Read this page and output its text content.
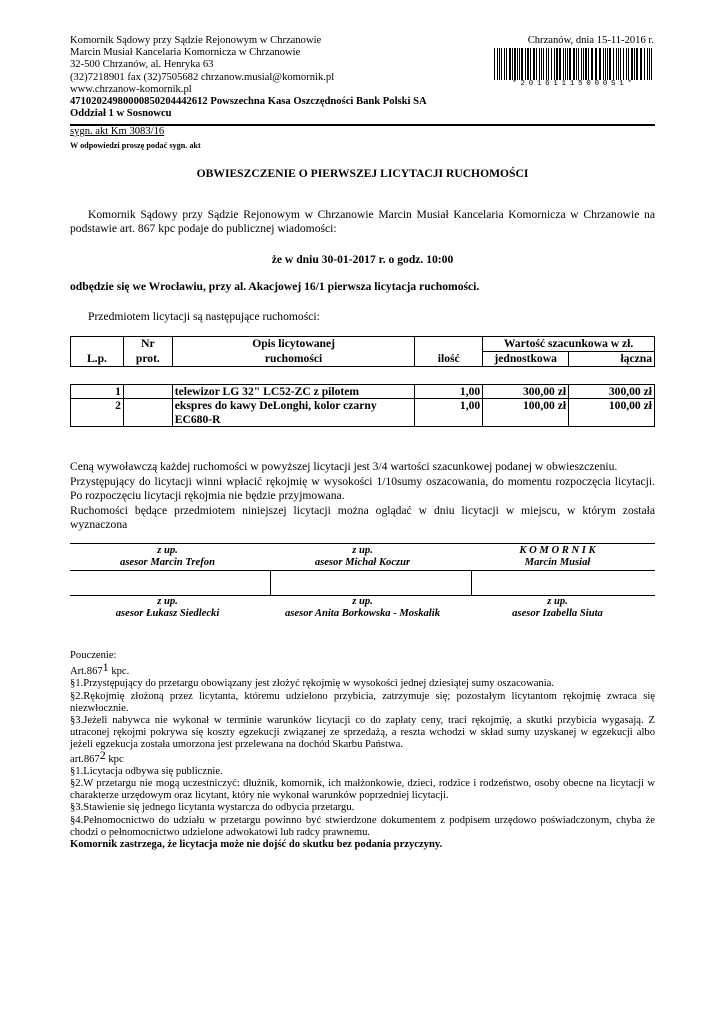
Komornik Sądowy przy Sądzie Rejonowym w Chrzanowie
Marcin Musiał Kancelaria Komornicza w Chrzanowie
32-500 Chrzanów, al. Henryka 63
(32)7218901 fax (32)7505682 chrzanow.musial@komornik.pl
www.chrzanow-komornik.pl
47102024980000850204442612 Powszechna Kasa Oszczędności Bank Polski SA
Oddział 1 w Sosnowcu
Chrzanów, dnia 15-11-2016 r.
*20161115000S1*
sygn. akt Km 3083/16
W odpowiedzi proszę podać sygn. akt
OBWIESZCZENIE O PIERWSZEJ LICYTACJI RUCHOMOŚCI
Komornik Sądowy przy Sądzie Rejonowym w Chrzanowie Marcin Musiał Kancelaria Komornicza w Chrzanowie na podstawie art. 867 kpc podaje do publicznej wiadomości:
że w dniu 30-01-2017 r. o godz. 10:00
odbędzie się we Wrocławiu, przy al. Akacjowej 16/1 pierwsza licytacja ruchomości.
Przedmiotem licytacji są następujące ruchomości:
	Nr	Opis licytowanej		Wartość szacunkowa w zł.	
L.p.	prot.	ruchomości	ilość	jednostkowa	łączna
1		telewizor LG 32" LC52-ZC z pilotem	1,00	300,00 zł	300,00 zł
2		ekspres do kawy DeLonghi, kolor czarny EC680-R	1,00	100,00 zł	100,00 zł
Ceną wywoławczą każdej ruchomości w powyższej licytacji jest 3/4 wartości szacunkowej podanej w obwieszczeniu.
Przystępujący do licytacji winni wpłacić rękojmię w wysokości 1/10sumy oszacowania, do momentu rozpoczęcia licytacji. Po rozpoczęciu licytacji rękojmia nie będzie przyjmowana.
Ruchomości będące przedmiotem niniejszej licytacji można oglądać w dniu licytacji w miejscu, w którym została wyznaczona
z up.
asesor Marcin Trefon
z up.
asesor Michał Koczur
K O M O R N I K
Marcin Musiał
z up.
asesor Łukasz Siedlecki
z up.
asesor Anita Borkowska - Moskalik
z up.
asesor Izabella Siuta
Pouczenie:
Art.867$^1$ kpc.
§1.Przystępujący do przetargu obowiązany jest złożyć rękojmię w wysokości jednej dziesiątej sumy oszacowania.
§2.Rękojmię złożoną przez licytanta, któremu udzielono przybicia, zatrzymuje się; pozostałym licytantom rękojmię zwraca się niezwłocznie.
§3.Jeżeli nabywca nie wykonał w terminie warunków licytacji co do zapłaty ceny, traci rękojmię, a skutki przybicia wygasają. Z utraconej rękojmi pokrywa się koszty egzekucji związanej ze sprzedażą, a reszta wchodzi w skład sumy uzyskanej w egzekucji albo jeżeli egzekucja została umorzona jest przelewana na dochód Skarbu Państwa.
art.867$^2$ kpc
§1.Licytacja odbywa się publicznie.
§2.W przetargu nie mogą uczestniczyć: dłużnik, komornik, ich małżonkowie, dzieci, rodzice i rodzeństwo, osoby obecne na licytacji w charakterze urzędowym oraz licytant, który nie wykonał warunków poprzedniej licytacji.
§3.Stawienie się jednego licytanta wystarcza do odbycia przetargu.
§4.Pełnomocnictwo do udziału w przetargu powinno być stwierdzone dokumentem z podpisem urzędowo poświadczonym, chyba że chodzi o pełnomocnictwo udzielone adwokatowi lub radcy prawnemu.
Komornik zastrzega, że licytacja może nie dojść do skutku bez podania przyczyny.
